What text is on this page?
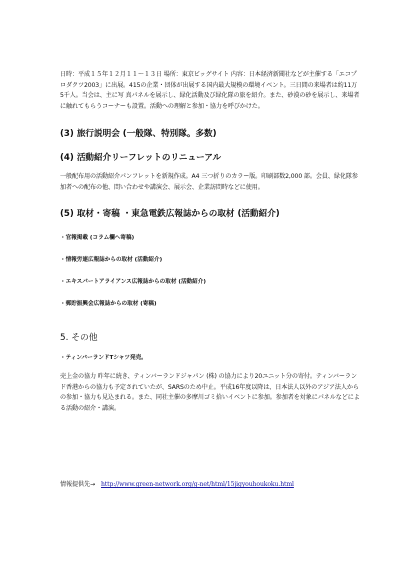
日時：平成１５年１２月１１～１３日 場所：東京ビッグサイト 内容：日本経済新聞社などが主催する「エコプロダクツ2003」に出展。415の企業・団体が出展する国内最大規模の環境イベント。三日間の来場者は約11万5千人。当会は、主に写 真パネルを展示し、緑化活動及び緑化隊の旅を紹介。また、砂漠の砂を展示し、来場者に触れてもらうコーナーも設置。活動への理解と参加・協力を呼びかけた。

(3) 旅行説明会 (一般隊、特別隊。多数)

(4) 活動紹介リーフレットのリニューアル

一般配布用の活動紹介パンフレットを新規作成。A4 三つ折りのカラー版。印刷部数2,000 部。会員、緑化隊参加者への配布の他、問い合わせや講演会、展示会、企業訪問時などに使用。

(5) 取材・寄稿 ・東急電鉄広報誌からの取材 (活動紹介)

・官報掲載 (コラム欄へ寄稿)

・情報労連広報誌からの取材 (活動紹介)

・エキスパートアライアンス広報誌からの取材 (活動紹介)

・郵貯振興会広報誌からの取材 (寄稿)

5. その他

・ティンバーランドTシャツ発売。

売上金の協力 昨年に続き、ティンバーランドジャパン (株) の協力により20ユニット分の寄付。ティンバーランド香港からの協力も予定されていたが、SARSのため中止。平成16年度以降は、日本法人以外のアジア法人からの参加・協力も見込まれる。また、同社主催の多摩川ゴミ拾いイベントに参加。参加者を対象にパネルなどによる活動の紹介・講演。

情報提供先→ http://www.green-network.org/g-net/html/15jigyouhoukoku.html
